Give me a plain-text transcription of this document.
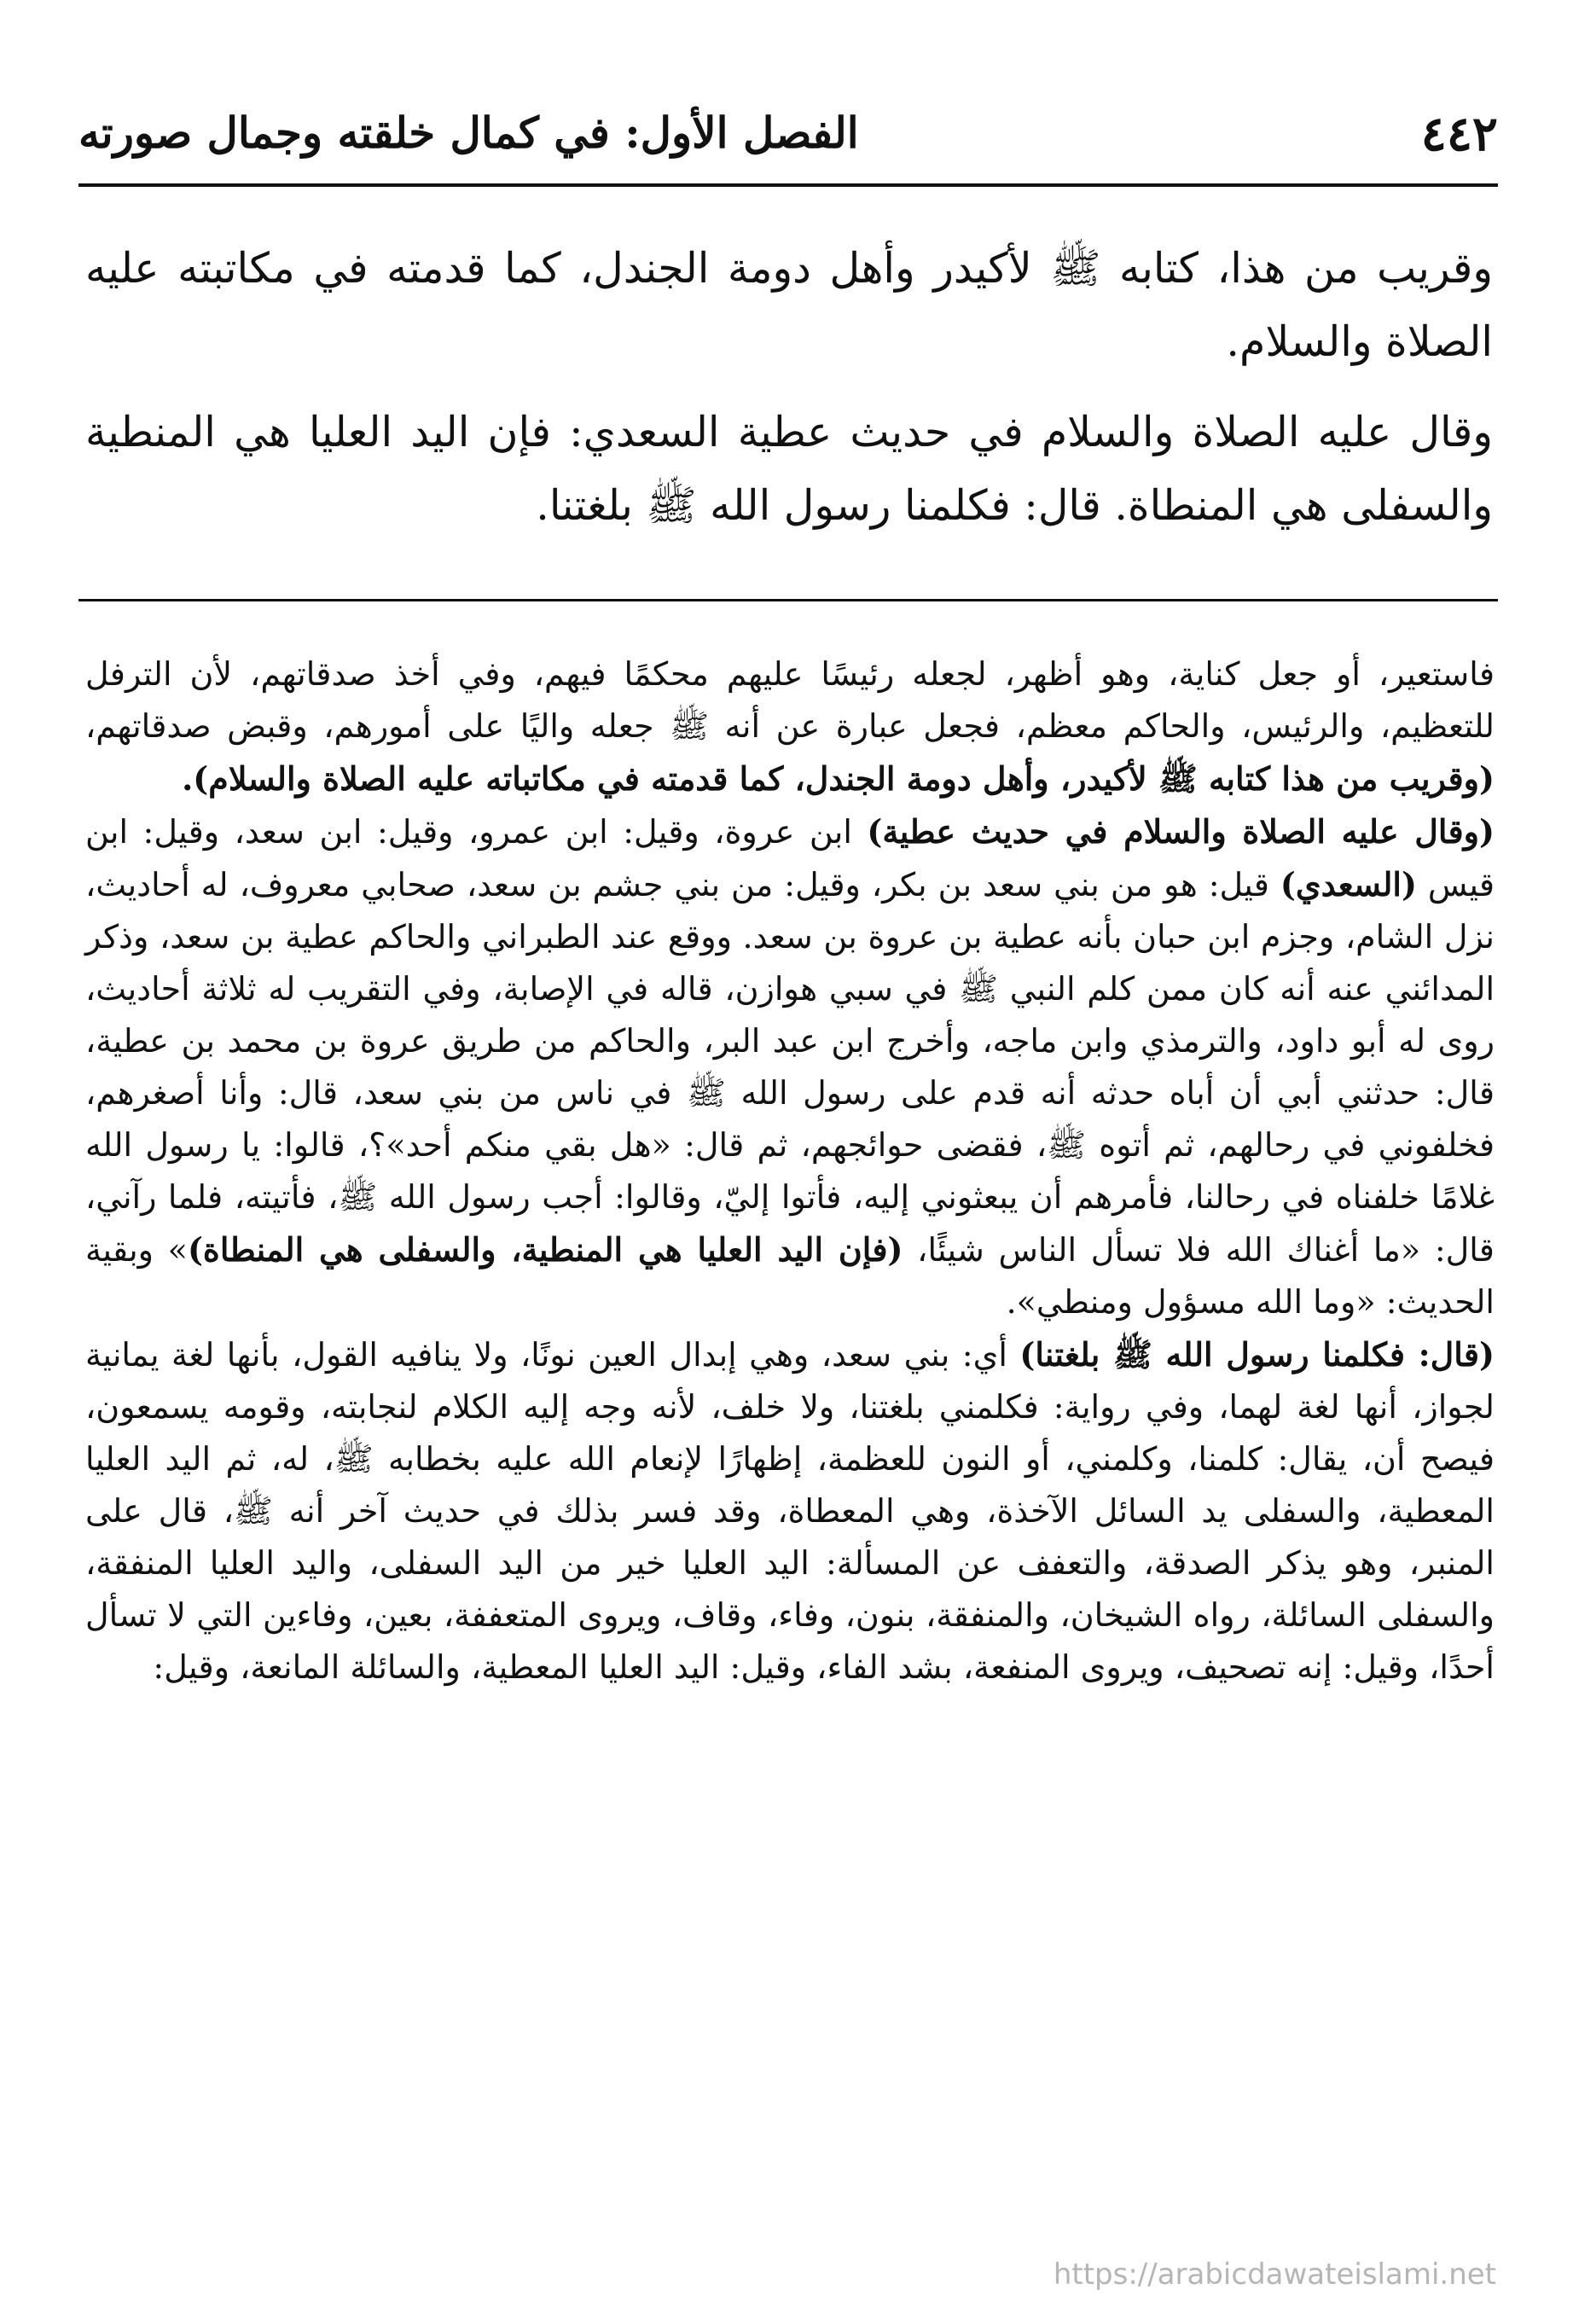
٤٤٢
الفصل الأول: في كمال خلقته وجمال صورته

وقريب من هذا، كتابه ﷺ لأكيدر وأهل دومة الجندل، كما قدمته في مكاتبته عليه الصلاة والسلام.

وقال عليه الصلاة والسلام في حديث عطية السعدي: فإن اليد العليا هي المنطية والسفلى هي المنطاة. قال: فكلمنا رسول الله ﷺ بلغتنا.

فاستعير، أو جعل كناية، وهو أظهر، لجعله رئيسًا عليهم محكمًا فيهم، وفي أخذ صدقاتهم، لأن الترفل للتعظيم، والرئيس، والحاكم معظم، فجعل عبارة عن أنه ﷺ جعله واليًا على أمورهم، وقبض صدقاتهم، (وقريب من هذا كتابه ﷺ لأكيدر، وأهل دومة الجندل، كما قدمته في مكاتباته عليه الصلاة والسلام).

(وقال عليه الصلاة والسلام في حديث عطية) ابن عروة، وقيل: ابن عمرو، وقيل: ابن سعد، وقيل: ابن قيس (السعدي) قيل: هو من بني سعد بن بكر، وقيل: من بني جشم بن سعد، صحابي معروف، له أحاديث، نزل الشام، وجزم ابن حبان بأنه عطية بن عروة بن سعد. ووقع عند الطبراني والحاكم عطية بن سعد، وذكر المدائني عنه أنه كان ممن كلم النبي ﷺ في سبي هوازن، قاله في الإصابة، وفي التقريب له ثلاثة أحاديث، روى له أبو داود، والترمذي وابن ماجه، وأخرج ابن عبد البر، والحاكم من طريق عروة بن محمد بن عطية، قال: حدثني أبي أن أباه حدثه أنه قدم على رسول الله ﷺ في ناس من بني سعد، قال: وأنا أصغرهم، فخلفوني في رحالهم، ثم أتوه ﷺ، فقضى حوائجهم، ثم قال: «هل بقي منكم أحد»؟، قالوا: يا رسول الله غلامًا خلفناه في رحالنا، فأمرهم أن يبعثوني إليه، فأتوا إليّ، وقالوا: أجب رسول الله ﷺ، فأتيته، فلما رآني، قال: «ما أغناك الله فلا تسأل الناس شيئًا، (فإن اليد العليا هي المنطية، والسفلى هي المنطاة)» وبقية الحديث: «وما الله مسؤول ومنطي».

(قال: فكلمنا رسول الله ﷺ بلغتنا) أي: بني سعد، وهي إبدال العين نونًا، ولا ينافيه القول، بأنها لغة يمانية لجواز، أنها لغة لهما، وفي رواية: فكلمني بلغتنا، ولا خلف، لأنه وجه إليه الكلام لنجابته، وقومه يسمعون، فيصح أن، يقال: كلمنا، وكلمني، أو النون للعظمة، إظهارًا لإنعام الله عليه بخطابه ﷺ، له، ثم اليد العليا المعطية، والسفلى يد السائل الآخذة، وهي المعطاة، وقد فسر بذلك في حديث آخر أنه ﷺ، قال على المنبر، وهو يذكر الصدقة، والتعفف عن المسألة: اليد العليا خير من اليد السفلى، واليد العليا المنفقة، والسفلى السائلة، رواه الشيخان، والمنفقة، بنون، وفاء، وقاف، ويروى المتعففة، بعين، وفاءين التي لا تسأل أحدًا، وقيل: إنه تصحيف، ويروى المنفعة، بشد الفاء، وقيل: اليد العليا المعطية، والسائلة المانعة، وقيل:

https://arabicdawateislami.net
